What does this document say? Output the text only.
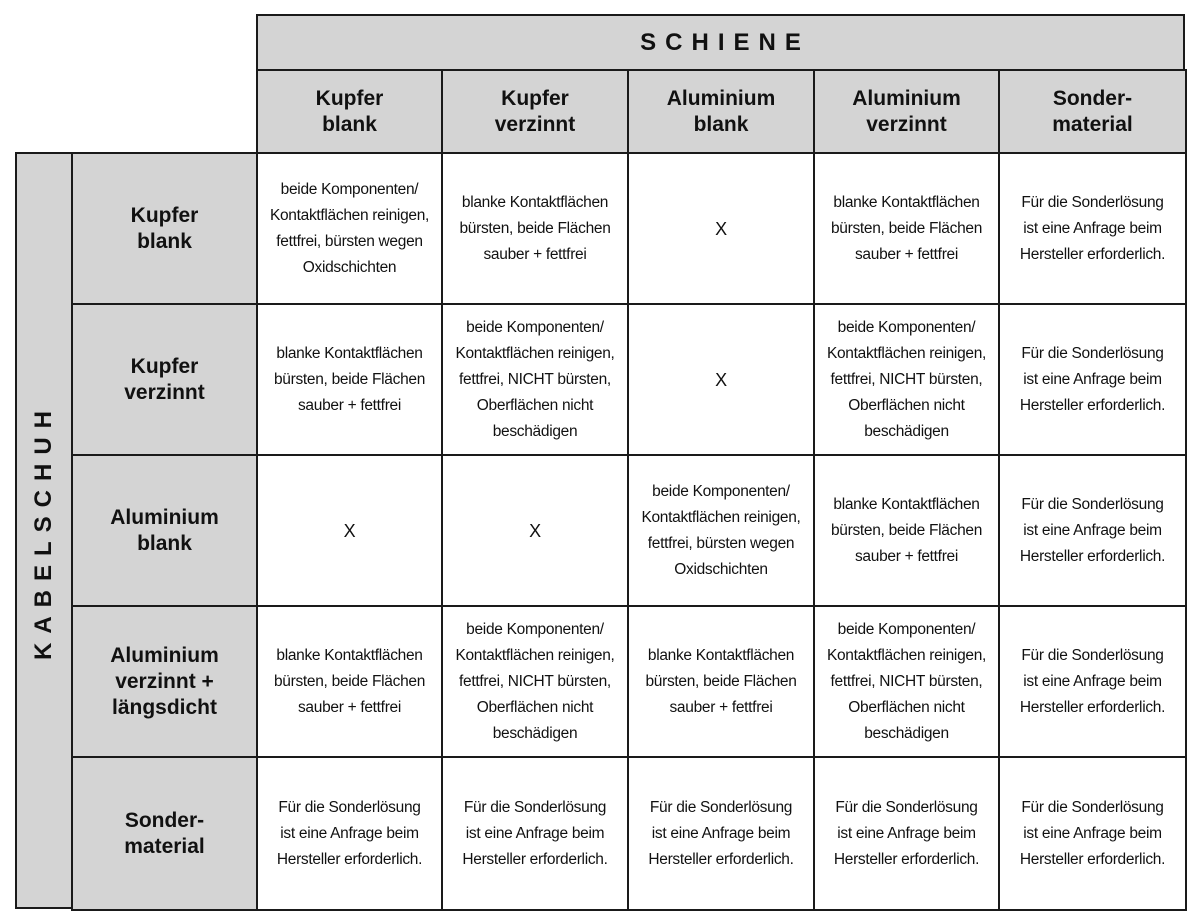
SCHIENE
KABELSCHUH
Kupfer
blank
Kupfer
verzinnt
Aluminium
blank
Aluminium
verzinnt
Sonder-
material
Kupfer
blank
beide Komponenten/
Kontaktflächen reinigen,
fettfrei, bürsten wegen
Oxidschichten
blanke Kontaktflächen
bürsten, beide Flächen
sauber + fettfrei
X
blanke Kontaktflächen
bürsten, beide Flächen
sauber + fettfrei
Für die Sonderlösung
ist eine Anfrage beim
Hersteller erforderlich.
Kupfer
verzinnt
blanke Kontaktflächen
bürsten, beide Flächen
sauber + fettfrei
beide Komponenten/
Kontaktflächen reinigen,
fettfrei, NICHT bürsten,
Oberflächen nicht
beschädigen
X
beide Komponenten/
Kontaktflächen reinigen,
fettfrei, NICHT bürsten,
Oberflächen nicht
beschädigen
Für die Sonderlösung
ist eine Anfrage beim
Hersteller erforderlich.
Aluminium
blank
X	X
beide Komponenten/
Kontaktflächen reinigen,
fettfrei, bürsten wegen
Oxidschichten
blanke Kontaktflächen
bürsten, beide Flächen
sauber + fettfrei
Für die Sonderlösung
ist eine Anfrage beim
Hersteller erforderlich.
Aluminium
verzinnt +
längsdicht
blanke Kontaktflächen
bürsten, beide Flächen
sauber + fettfrei
beide Komponenten/
Kontaktflächen reinigen,
fettfrei, NICHT bürsten,
Oberflächen nicht
beschädigen
blanke Kontaktflächen
bürsten, beide Flächen
sauber + fettfrei
beide Komponenten/
Kontaktflächen reinigen,
fettfrei, NICHT bürsten,
Oberflächen nicht
beschädigen
Für die Sonderlösung
ist eine Anfrage beim
Hersteller erforderlich.
Sonder-
material
Für die Sonderlösung
ist eine Anfrage beim
Hersteller erforderlich.
Für die Sonderlösung
ist eine Anfrage beim
Hersteller erforderlich.
Für die Sonderlösung
ist eine Anfrage beim
Hersteller erforderlich.
Für die Sonderlösung
ist eine Anfrage beim
Hersteller erforderlich.
Für die Sonderlösung
ist eine Anfrage beim
Hersteller erforderlich.
